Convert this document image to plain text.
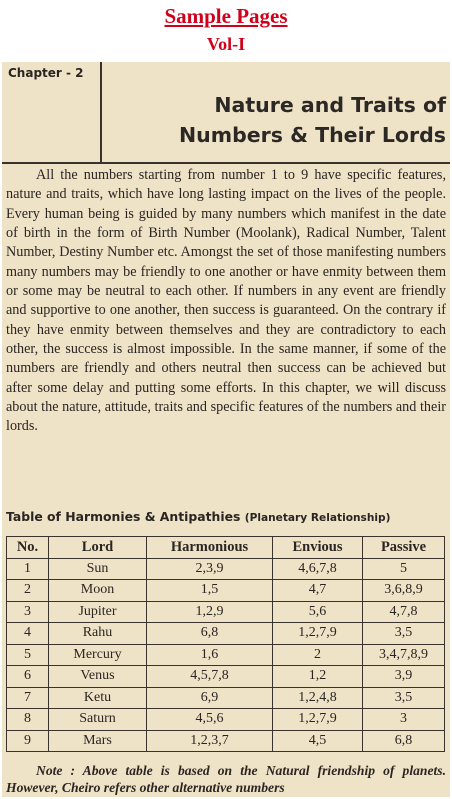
Sample Pages
Vol-I
Chapter - 2
Nature and Traits of
Numbers & Their Lords

All the numbers starting from number 1 to 9 have specific features, nature and traits, which have long lasting impact on the lives of the people. Every human being is guided by many numbers which manifest in the date of birth in the form of Birth Number (Moolank), Radical Number, Talent Number, Destiny Number etc. Amongst the set of those manifesting numbers many numbers may be friendly to one another or have enmity between them or some may be neutral to each other. If numbers in any event are friendly and supportive to one another, then success is guaranteed. On the contrary if they have enmity between themselves and they are contradictory to each other, the success is almost impossible. In the same manner, if some of the numbers are friendly and others neutral then success can be achieved but after some delay and putting some efforts. In this chapter, we will discuss about the nature, attitude, traits and specific features of the numbers and their lords.

Table of Harmonies & Antipathies (Planetary Relationship)
No.	Lord	Harmonious	Envious	Passive
1	Sun	2,3,9	4,6,7,8	5
2	Moon	1,5	4,7	3,6,8,9
3	Jupiter	1,2,9	5,6	4,7,8
4	Rahu	6,8	1,2,7,9	3,5
5	Mercury	1,6	2	3,4,7,8,9
6	Venus	4,5,7,8	1,2	3,9
7	Ketu	6,9	1,2,4,8	3,5
8	Saturn	4,5,6	1,2,7,9	3
9	Mars	1,2,3,7	4,5	6,8

Note : Above table is based on the Natural friendship of planets. However, Cheiro refers other alternative numbers
